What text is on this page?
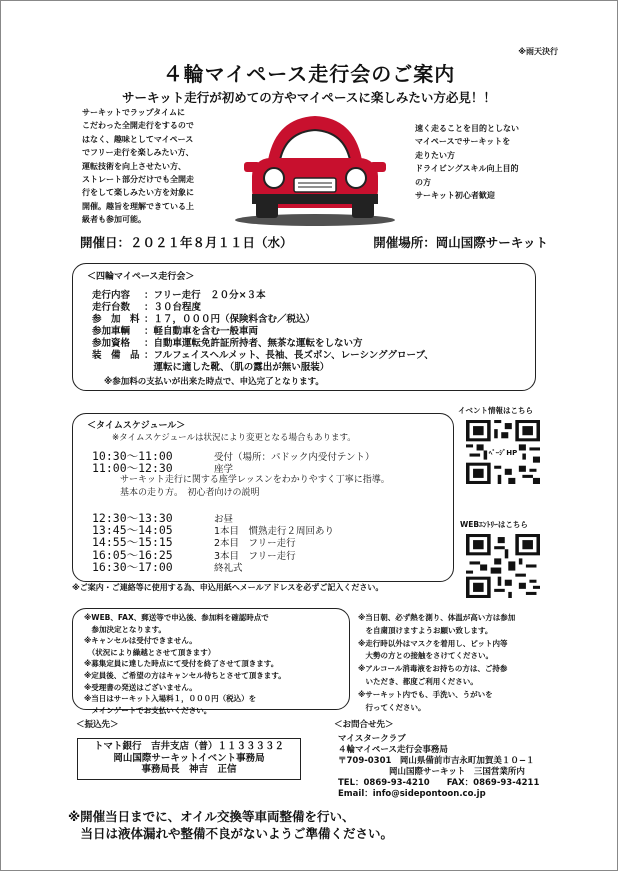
※雨天決行
４輪マイペース走行会のご案内
サーキット走行が初めての方やマイペースに楽しみたい方必見！！
サーキットでラップタイムに
こだわった全開走行をするので
はなく、趣味としてマイペース
でフリー走行を楽しみたい方、
運転技術を向上させたい方、
ストレート部分だけでも全開走
行をして楽しみたい方を対象に
開催。趣旨を理解できている上
級者も参加可能。
速く走ることを目的としない
マイペースでサーキットを
走りたい方
ドライビングスキル向上目的
の方
サーキット初心者歓迎
開催日：２０２１年８月１１日（水）	開催場所：岡山国際サーキット
＜四輪マイペース走行会＞
走行内容	：フリー走行　２０分×３本
走行台数	：３０台程度
参　加　料	：１７，０００円（保険料含む／税込）
参加車輌	：軽自動車を含む一般車両
参加資格	：自動車運転免許証所持者、無茶な運転をしない方
装　備　品	：フルフェイスヘルメット、長袖、長ズボン、レーシンググローブ、
	　運転に適した靴、（肌の露出が無い服装）
※参加料の支払いが出来た時点で、申込完了となります。
＜タイムスケジュール＞
※タイムスケジュールは状況により変更となる場合もあります。
10:30〜11:00	受付（場所：パドック内受付テント）
11:00〜12:30	座学
サーキット走行に関する座学レッスンをわかりやすく丁寧に指導。
基本の走り方。　初心者向けの説明
12:30〜13:30	お昼
13:45〜14:05	1本目　慣熟走行２周回あり
14:55〜15:15	2本目　フリー走行
16:05〜16:25	3本目　フリー走行
16:30〜17:00	終礼式
※ご案内・ご連絡等に使用する為、申込用紙へメールアドレスを必ずご記入ください。
イベント情報はこちら
ﾍﾟｰｼﾞHP
WEBｴﾝﾄﾘｰはこちら
※WEB、FAX、郵送等で申込後、参加料を確認時点で
　参加決定となります。
※キャンセルは受付できません。
　（状況により繰越とさせて頂きます）
※募集定員に達した時点にて受付を終了させて頂きます。
※定員後、ご希望の方はキャンセル待ちとさせて頂きます。
※受理書の発送はございません。
※当日はサーキット入場料１，０００円（税込）を
　メインゲートでお支払いください。
※当日朝、必ず熱を測り、体温が高い方は参加
　を自粛頂けますようお願い致します。
※走行時以外はマスクを着用し、ピット内等
　大勢の方との接触をさけてください。
※アルコール消毒液をお持ちの方は、ご持参
　いただき、都度ご利用ください。
※サーキット内でも、手洗い、うがいを
　行ってください。
＜振込先＞
トマト銀行　吉井支店（普）１１３３３３２
岡山国際サーキットイベント事務局
事務局長　神吉　正信
＜お問合せ先＞
マイスタークラブ
４輪マイペース走行会事務局
〒709-0301　岡山県備前市吉永町加賀美１０−１
　　　　　　岡山国際サーキット　三国営業所内
TEL：0869-93-4210　　FAX：0869-93-4211
Email：info@sidepontoon.co.jp
※開催当日までに、オイル交換等車両整備を行い、
　当日は液体漏れや整備不良がないようご準備ください。
